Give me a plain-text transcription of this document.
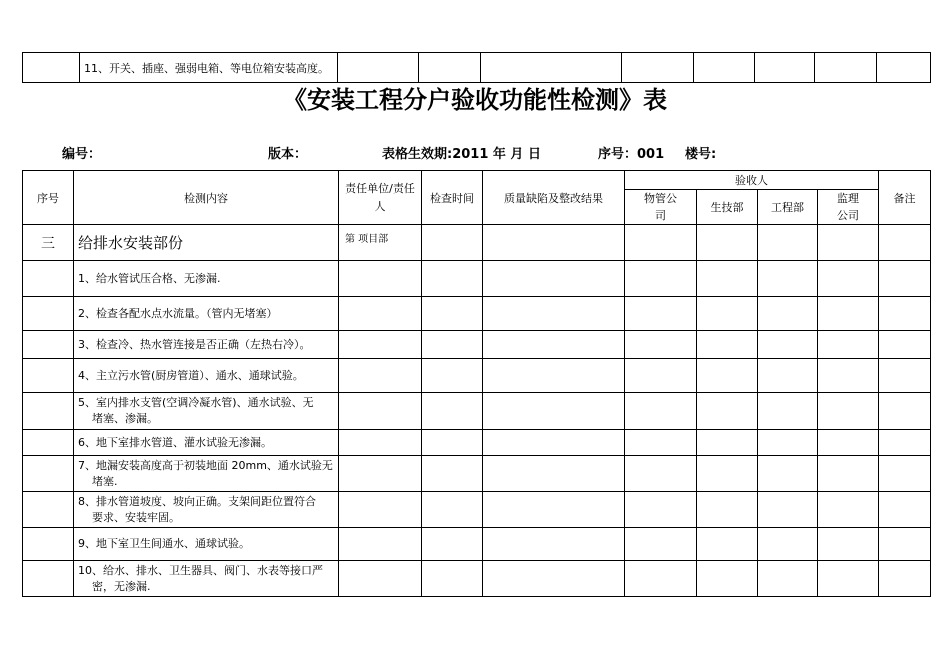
	11、开关、插座、强弱电箱、等电位箱安装高度。								
《安装工程分户验收功能性检测》表
编号：	版本：	表格生效期:2011 年 月 日	序号：001 楼号:
序号	检测内容	责任单位/责任人	检查时间	质量缺陷及整改结果	验收人				备注
					物管公司	生技部	工程部	监理公司	
三	给排水安装部份	第 项目部							

	1、给水管试压合格、无渗漏.								

	2、检查各配水点水流量。（管内无堵塞）								

	3、检查冷、热水管连接是否正确（左热右冷）。								

	4、主立污水管(厨房管道）、通水、通球试验。								

	5、室内排水支管(空调冷凝水管)、通水试验、无
堵塞、渗漏。								

	6、地下室排水管道、灌水试验无渗漏。								

	7、地漏安装高度高于初装地面 20mm、通水试验无
堵塞.								

	8、排水管道坡度、坡向正确。支架间距位置符合
要求、安装牢固。								

	9、地下室卫生间通水、通球试验。								

	10、给水、排水、卫生器具、阀门、水表等接口严
密，无渗漏.								
